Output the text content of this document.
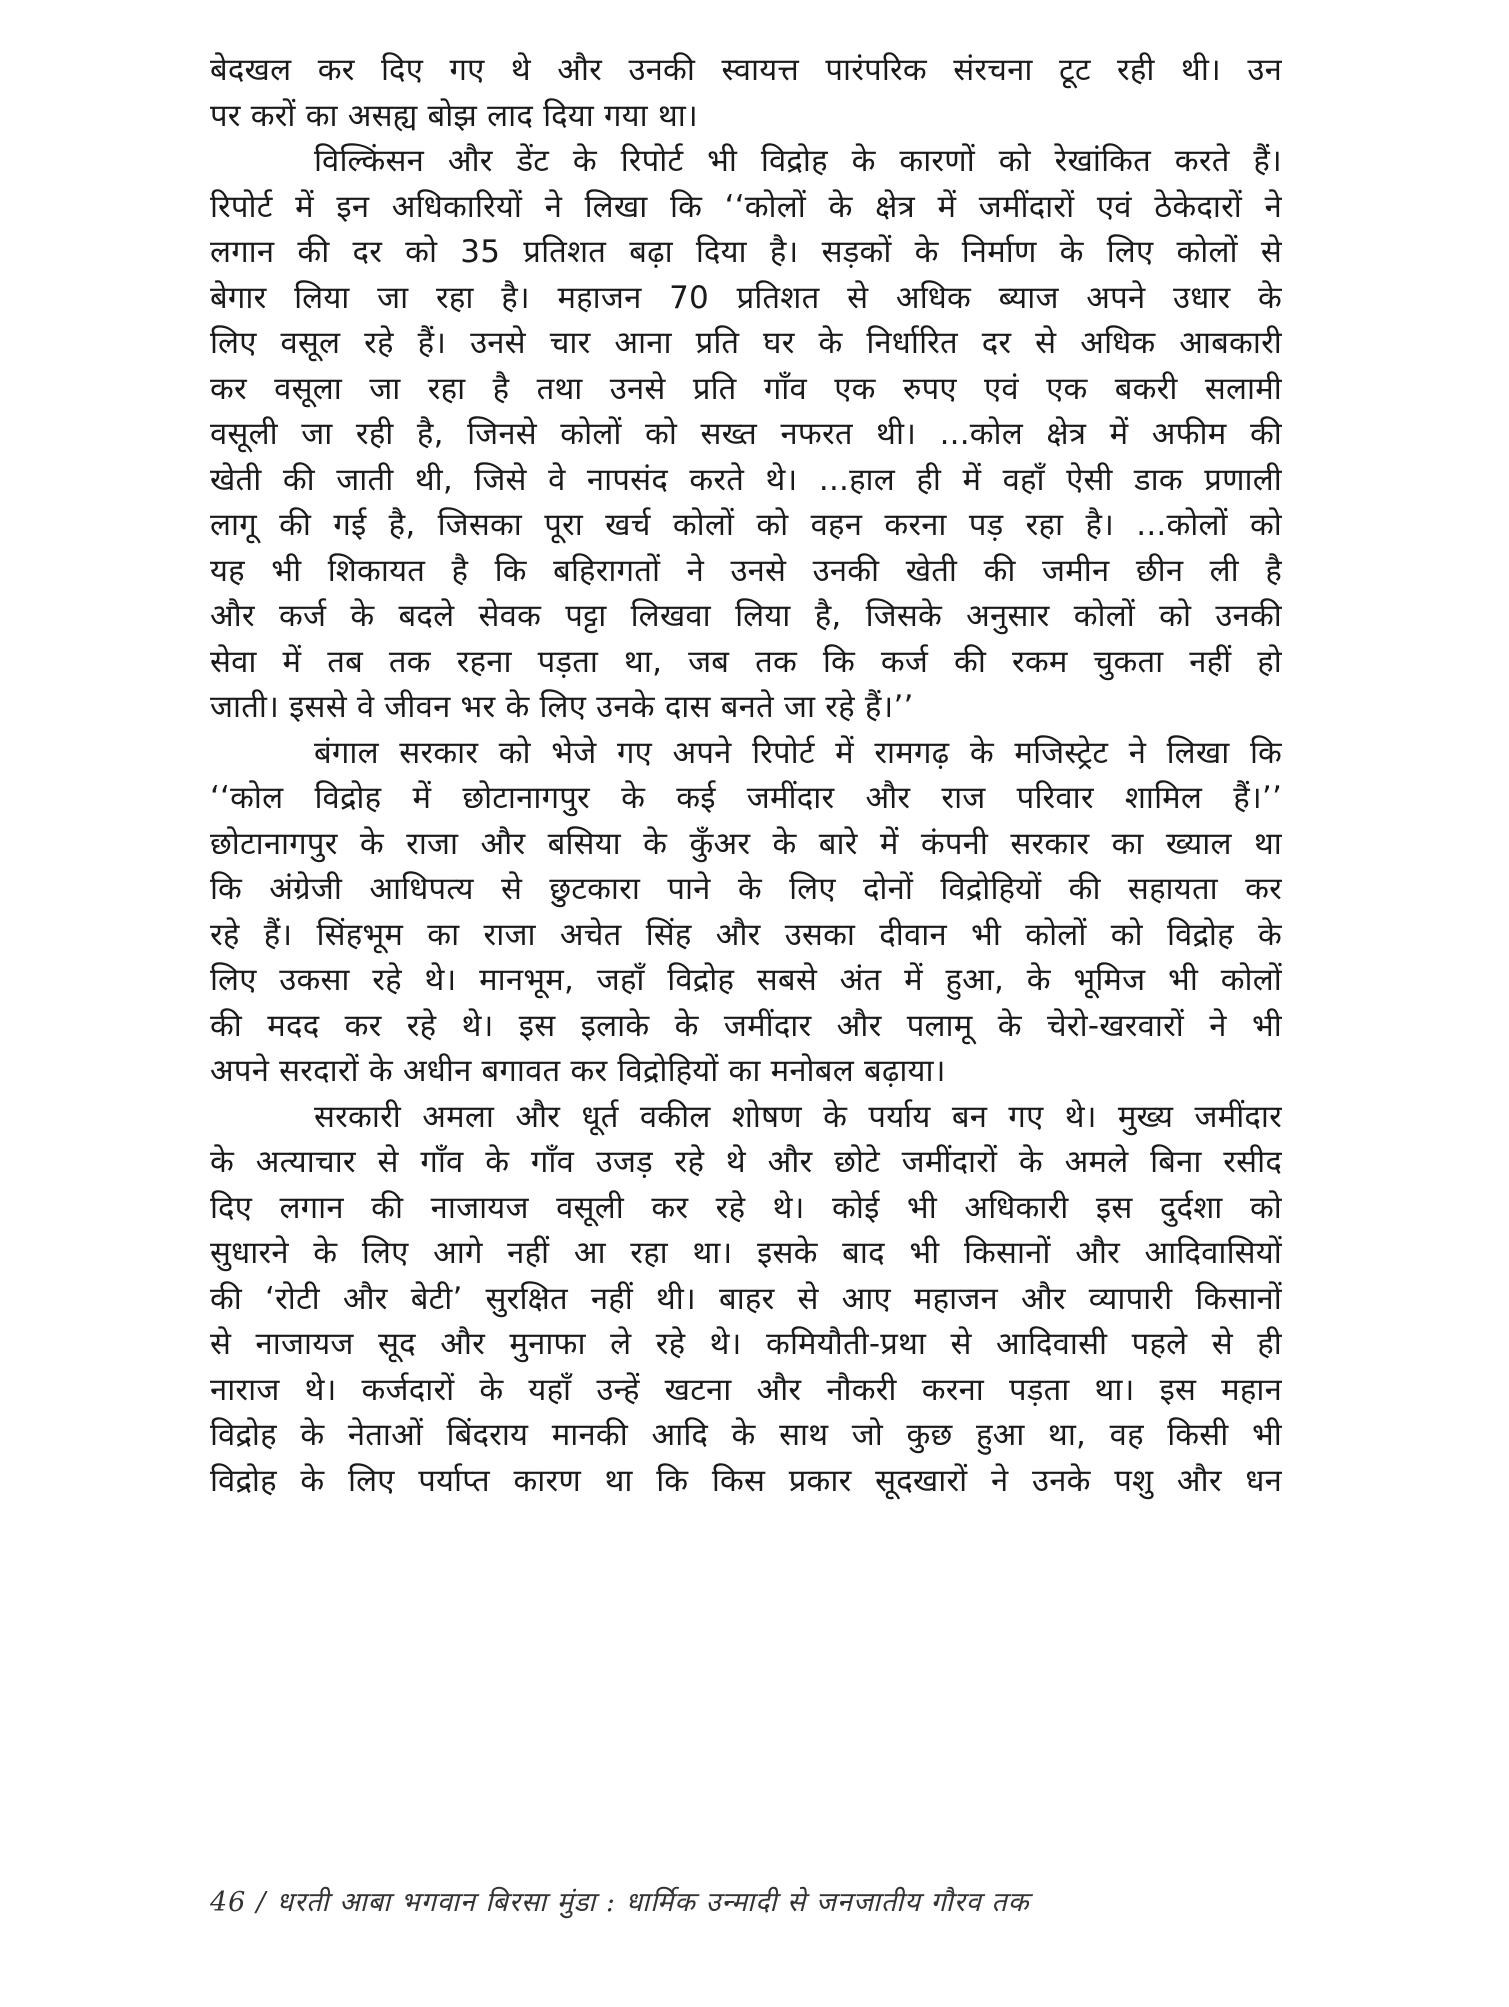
बेदखल कर दिए गए थे और उनकी स्वायत्त पारंपरिक संरचना टूट रही थी। उन
पर करों का असह्य बोझ लाद दिया गया था।
विल्किंसन और डेंट के रिपोर्ट भी विद्रोह के कारणों को रेखांकित करते हैं।
रिपोर्ट में इन अधिकारियों ने लिखा कि ‘‘कोलों के क्षेत्र में जमींदारों एवं ठेकेदारों ने
लगान की दर को 35 प्रतिशत बढ़ा दिया है। सड़कों के निर्माण के लिए कोलों से
बेगार लिया जा रहा है। महाजन 70 प्रतिशत से अधिक ब्याज अपने उधार के
लिए वसूल रहे हैं। उनसे चार आना प्रति घर के निर्धारित दर से अधिक आबकारी
कर वसूला जा रहा है तथा उनसे प्रति गाँव एक रुपए एवं एक बकरी सलामी
वसूली जा रही है, जिनसे कोलों को सख्त नफरत थी। ...कोल क्षेत्र में अफीम की
खेती की जाती थी, जिसे वे नापसंद करते थे। ...हाल ही में वहाँ ऐसी डाक प्रणाली
लागू की गई है, जिसका पूरा खर्च कोलों को वहन करना पड़ रहा है। ...कोलों को
यह भी शिकायत है कि बहिरागतों ने उनसे उनकी खेती की जमीन छीन ली है
और कर्ज के बदले सेवक पट्टा लिखवा लिया है, जिसके अनुसार कोलों को उनकी
सेवा में तब तक रहना पड़ता था, जब तक कि कर्ज की रकम चुकता नहीं हो
जाती। इससे वे जीवन भर के लिए उनके दास बनते जा रहे हैं।’’
बंगाल सरकार को भेजे गए अपने रिपोर्ट में रामगढ़ के मजिस्ट्रेट ने लिखा कि
‘‘कोल विद्रोह में छोटानागपुर के कई जमींदार और राज परिवार शामिल हैं।’’
छोटानागपुर के राजा और बसिया के कुँअर के बारे में कंपनी सरकार का ख्याल था
कि अंग्रेजी आधिपत्य से छुटकारा पाने के लिए दोनों विद्रोहियों की सहायता कर
रहे हैं। सिंहभूम का राजा अचेत सिंह और उसका दीवान भी कोलों को विद्रोह के
लिए उकसा रहे थे। मानभूम, जहाँ विद्रोह सबसे अंत में हुआ, के भूमिज भी कोलों
की मदद कर रहे थे। इस इलाके के जमींदार और पलामू के चेरो-खरवारों ने भी
अपने सरदारों के अधीन बगावत कर विद्रोहियों का मनोबल बढ़ाया।
सरकारी अमला और धूर्त वकील शोषण के पर्याय बन गए थे। मुख्य जमींदार
के अत्याचार से गाँव के गाँव उजड़ रहे थे और छोटे जमींदारों के अमले बिना रसीद
दिए लगान की नाजायज वसूली कर रहे थे। कोई भी अधिकारी इस दुर्दशा को
सुधारने के लिए आगे नहीं आ रहा था। इसके बाद भी किसानों और आदिवासियों
की ‘रोटी और बेटी’ सुरक्षित नहीं थी। बाहर से आए महाजन और व्यापारी किसानों
से नाजायज सूद और मुनाफा ले रहे थे। कमियौती-प्रथा से आदिवासी पहले से ही
नाराज थे। कर्जदारों के यहाँ उन्हें खटना और नौकरी करना पड़ता था। इस महान
विद्रोह के नेताओं बिंदराय मानकी आदि के साथ जो कुछ हुआ था, वह किसी भी
विद्रोह के लिए पर्याप्त कारण था कि किस प्रकार सूदखारों ने उनके पशु और धन
46 / धरती आबा भगवान बिरसा मुंडा : धार्मिक उन्मादी से जनजातीय गौरव तक
